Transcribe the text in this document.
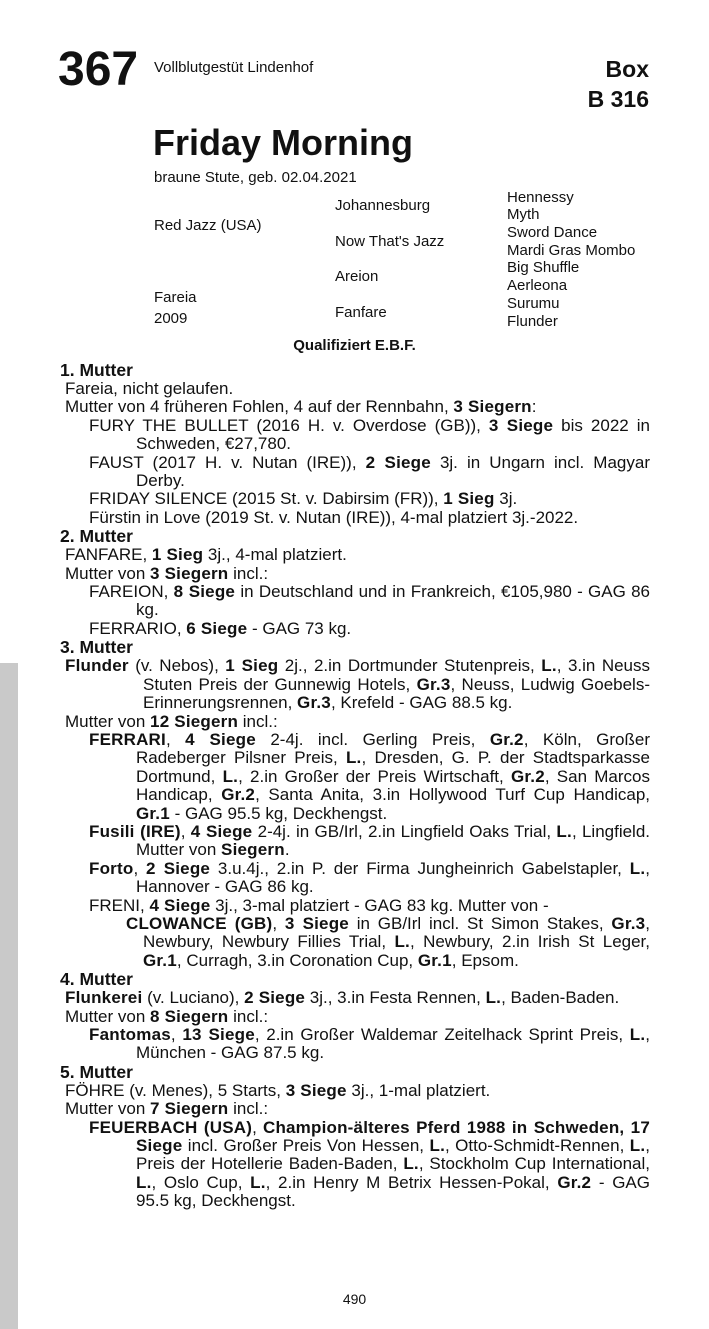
367 Vollblutgestüt Lindenhof	Box
B 316
Friday Morning
braune Stute, geb. 02.04.2021
Red Jazz (USA)
Fareia
2009
Johannesburg
Now That's Jazz
Areion
Fanfare
Hennessy
Myth
Sword Dance
Mardi Gras Mombo
Big Shuffle
Aerleona
Surumu
Flunder
Qualifiziert E.B.F.
1. Mutter
Fareia, nicht gelaufen.
Mutter von 4 früheren Fohlen, 4 auf der Rennbahn, 3 Siegern:
FURY THE BULLET (2016 H. v. Overdose (GB)), 3 Siege bis 2022 in Schweden, €27,780.
FAUST (2017 H. v. Nutan (IRE)), 2 Siege 3j. in Ungarn incl. Magyar Derby.
FRIDAY SILENCE (2015 St. v. Dabirsim (FR)), 1 Sieg 3j.
Fürstin in Love (2019 St. v. Nutan (IRE)), 4-mal platziert 3j.-2022.
2. Mutter
FANFARE, 1 Sieg 3j., 4-mal platziert.
Mutter von 3 Siegern incl.:
FAREION, 8 Siege in Deutschland und in Frankreich, €105,980 - GAG 86 kg.
FERRARIO, 6 Siege - GAG 73 kg.
3. Mutter
Flunder (v. Nebos), 1 Sieg 2j., 2.in Dortmunder Stutenpreis, L., 3.in Neuss Stuten Preis der Gunnewig Hotels, Gr.3, Neuss, Ludwig Goebels-Erinnerungsrennen, Gr.3, Krefeld - GAG 88.5 kg.
Mutter von 12 Siegern incl.:
FERRARI, 4 Siege 2-4j. incl. Gerling Preis, Gr.2, Köln, Großer Radeberger Pilsner Preis, L., Dresden, G. P. der Stadtsparkasse Dortmund, L., 2.in Großer der Preis Wirtschaft, Gr.2, San Marcos Handicap, Gr.2, Santa Anita, 3.in Hollywood Turf Cup Handicap, Gr.1 - GAG 95.5 kg, Deckhengst.
Fusili (IRE), 4 Siege 2-4j. in GB/Irl, 2.in Lingfield Oaks Trial, L., Lingfield. Mutter von Siegern.
Forto, 2 Siege 3.u.4j., 2.in P. der Firma Jungheinrich Gabelstapler, L., Hannover - GAG 86 kg.
FRENI, 4 Siege 3j., 3-mal platziert - GAG 83 kg. Mutter von -
CLOWANCE (GB), 3 Siege in GB/Irl incl. St Simon Stakes, Gr.3, Newbury, Newbury Fillies Trial, L., Newbury, 2.in Irish St Leger, Gr.1, Curragh, 3.in Coronation Cup, Gr.1, Epsom.
4. Mutter
Flunkerei (v. Luciano), 2 Siege 3j., 3.in Festa Rennen, L., Baden-Baden.
Mutter von 8 Siegern incl.:
Fantomas, 13 Siege, 2.in Großer Waldemar Zeitelhack Sprint Preis, L., München - GAG 87.5 kg.
5. Mutter
FÖHRE (v. Menes), 5 Starts, 3 Siege 3j., 1-mal platziert.
Mutter von 7 Siegern incl.:
FEUERBACH (USA), Champion-älteres Pferd 1988 in Schweden, 17 Siege incl. Großer Preis Von Hessen, L., Otto-Schmidt-Rennen, L., Preis der Hotellerie Baden-Baden, L., Stockholm Cup International, L., Oslo Cup, L., 2.in Henry M Betrix Hessen-Pokal, Gr.2 - GAG 95.5 kg, Deckhengst.
490
